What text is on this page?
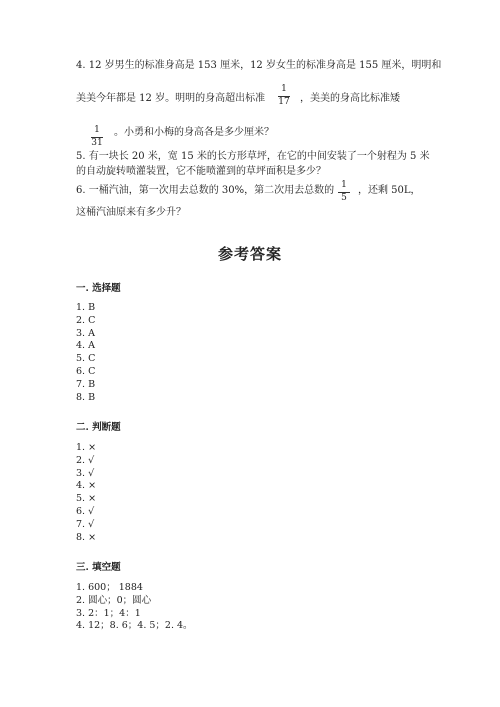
4. 12 岁男生的标准身高是 153 厘米，12 岁女生的标准身高是 155 厘米，明明和
美美今年都是 12 岁。明明的身高超出标准
1
17 ，美美的身高比标准矮
1
31
。小勇和小梅的身高各是多少厘米？
5. 有一块长 20 米，宽 15 米的长方形草坪，在它的中间安装了一个射程为 5 米
的自动旋转喷灌装置，它不能喷灌到的草坪面积是多少？
6. 一桶汽油，第一次用去总数的 30%，第二次用去总数的 1
5
，还剩 50L，
这桶汽油原来有多少升？
参考答案
一. 选择题
1. B
2. C
3. A
4. A
5. C
6. C
7. B
8. B
二. 判断题
1. ×
2. √
3. √
4. ×
5. ×
6. √
7. √
8. ×
三. 填空题
1. 600； 1884
2. 圆心；0；圆心
3. 2：1；4：1
4. 12；8. 6；4. 5；2. 4。
